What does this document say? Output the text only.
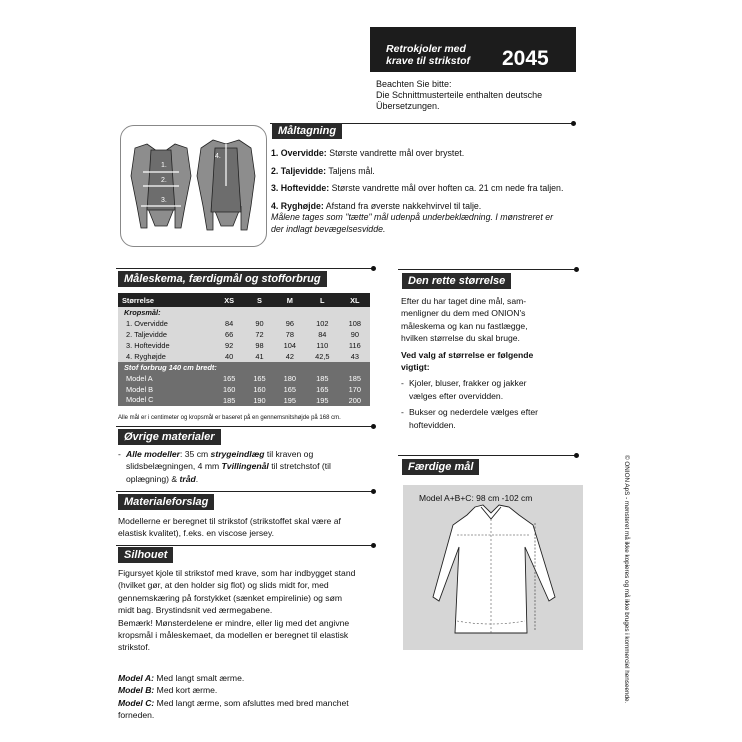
Retrokjoler med
krave til strikstof 2045
Beachten Sie bitte:
Die Schnittmusterteile enthalten deutsche
Übersetzungen.
1.
2.
3.
4.
Måltagning
1. Overvidde: Største vandrette mål over brystet.
2. Taljevidde: Taljens mål.
3. Hoftevidde: Største vandrette mål over hoften ca. 21 cm nede fra taljen.
4. Ryghøjde: Afstand fra øverste nakkehvirvel til talje.
Målene tages som "tætte" mål udenpå underbeklædning. I mønstreret er
der indlagt bevægelsesvidde.
Måleskema, færdigmål og stofforbrug
Størrelse	XS	S	M	L	XL
Kropsmål:					
1. Overvidde	84	90	96	102	108
2. Taljevidde	66	72	78	84	90
3. Hoftevidde	92	98	104	110	116
4. Ryghøjde	40	41	42	42,5	43
Stof forbrug 140 cm bredt:					
Model A	165	165	180	185	185
Model B	160	160	165	165	170
Model C	185	190	195	195	200
Alle mål er i centimeter og kropsmål er baseret på en gennemsnitshøjde på 168 cm.
Øvrige materialer
- Alle modeller: 35 cm strygeindlæg til kraven og
slidsbelægningen, 4 mm Tvillingenål til stretchstof (til
oplægning) & tråd.
Materialeforslag

Modellerne er beregnet til strikstof (strikstoffet skal være af

elastisk kvalitet), f.eks. en viscose jersey.

Silhouet

Figursyet kjole til strikstof med krave, som har indbygget stand

(hvilket gør, at den holder sig flot) og slids midt for, med

gennemskæring på forstykket (sænket empirelinie) og søm

midt bag. Brystindsnit ved ærmegabene.

Bemærk! Mønsterdelene er mindre, eller lig med det angivne

kropsmål i måleskemaet, da modellen er beregnet til elastisk

strikstof.

Model A: Med langt smalt ærme.

Model B: Med kort ærme.

Model C: Med langt ærme, som afsluttes med bred manchet

forneden.

Den rette størrelse

Efter du har taget dine mål, sam-

menligner du dem med ONION's

måleskema og kan nu fastlægge,

hvilken størrelse du skal bruge.

Ved valg af størrelse er følgende

vigtigt:

- Kjoler, bluser, frakker og jakker
vælges efter overvidden.
- Bukser og nederdele vælges efter
hoftevidden.
Færdige mål
Model A+B+C: 98 cm -102 cm	© ONION ApS - mønsteret må ikke kopieres og må ikke bruges i kommerciel henseende.
